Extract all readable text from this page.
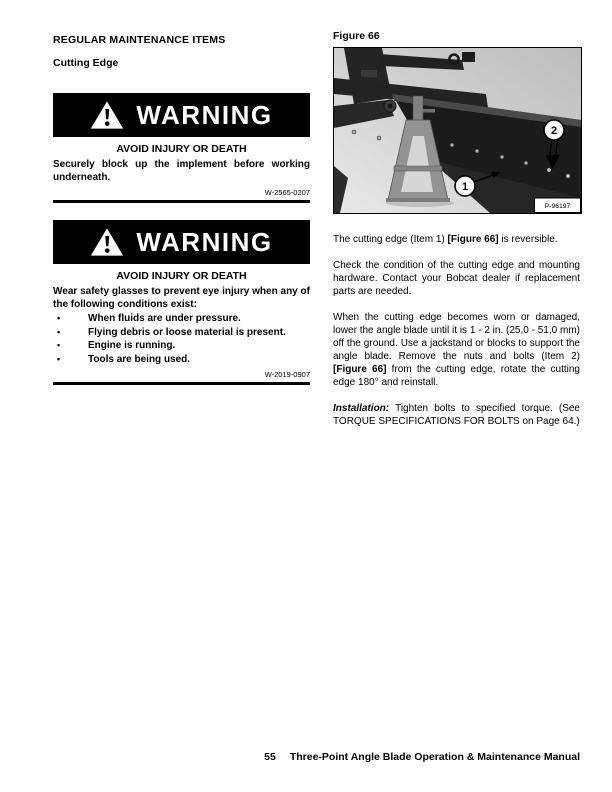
REGULAR MAINTENANCE ITEMS
Cutting Edge
WARNING
AVOID INJURY OR DEATH
Securely block up the implement before working underneath.
W-2565-0207
WARNING
AVOID INJURY OR DEATH
Wear safety glasses to prevent eye injury when any of the following conditions exist:
•	When fluids are under pressure.
•	Flying debris or loose material is present.
•	Engine is running.
•	Tools are being used.
W-2019-0907
Figure 66
1
2
P-96197

The cutting edge (Item 1) [Figure 66] is reversible.

Check the condition of the cutting edge and mounting hardware. Contact your Bobcat dealer if replacement parts are needed.

When the cutting edge becomes worn or damaged, lower the angle blade until it is 1 - 2 in. (25,0 - 51,0 mm) off the ground. Use a jackstand or blocks to support the angle blade. Remove the nuts and bolts (Item 2) [Figure 66] from the cutting edge, rotate the cutting edge 180° and reinstall.

Installation: Tighten bolts to specified torque. (See TORQUE SPECIFICATIONS FOR BOLTS on Page 64.)

55 Three-Point Angle Blade Operation & Maintenance Manual
